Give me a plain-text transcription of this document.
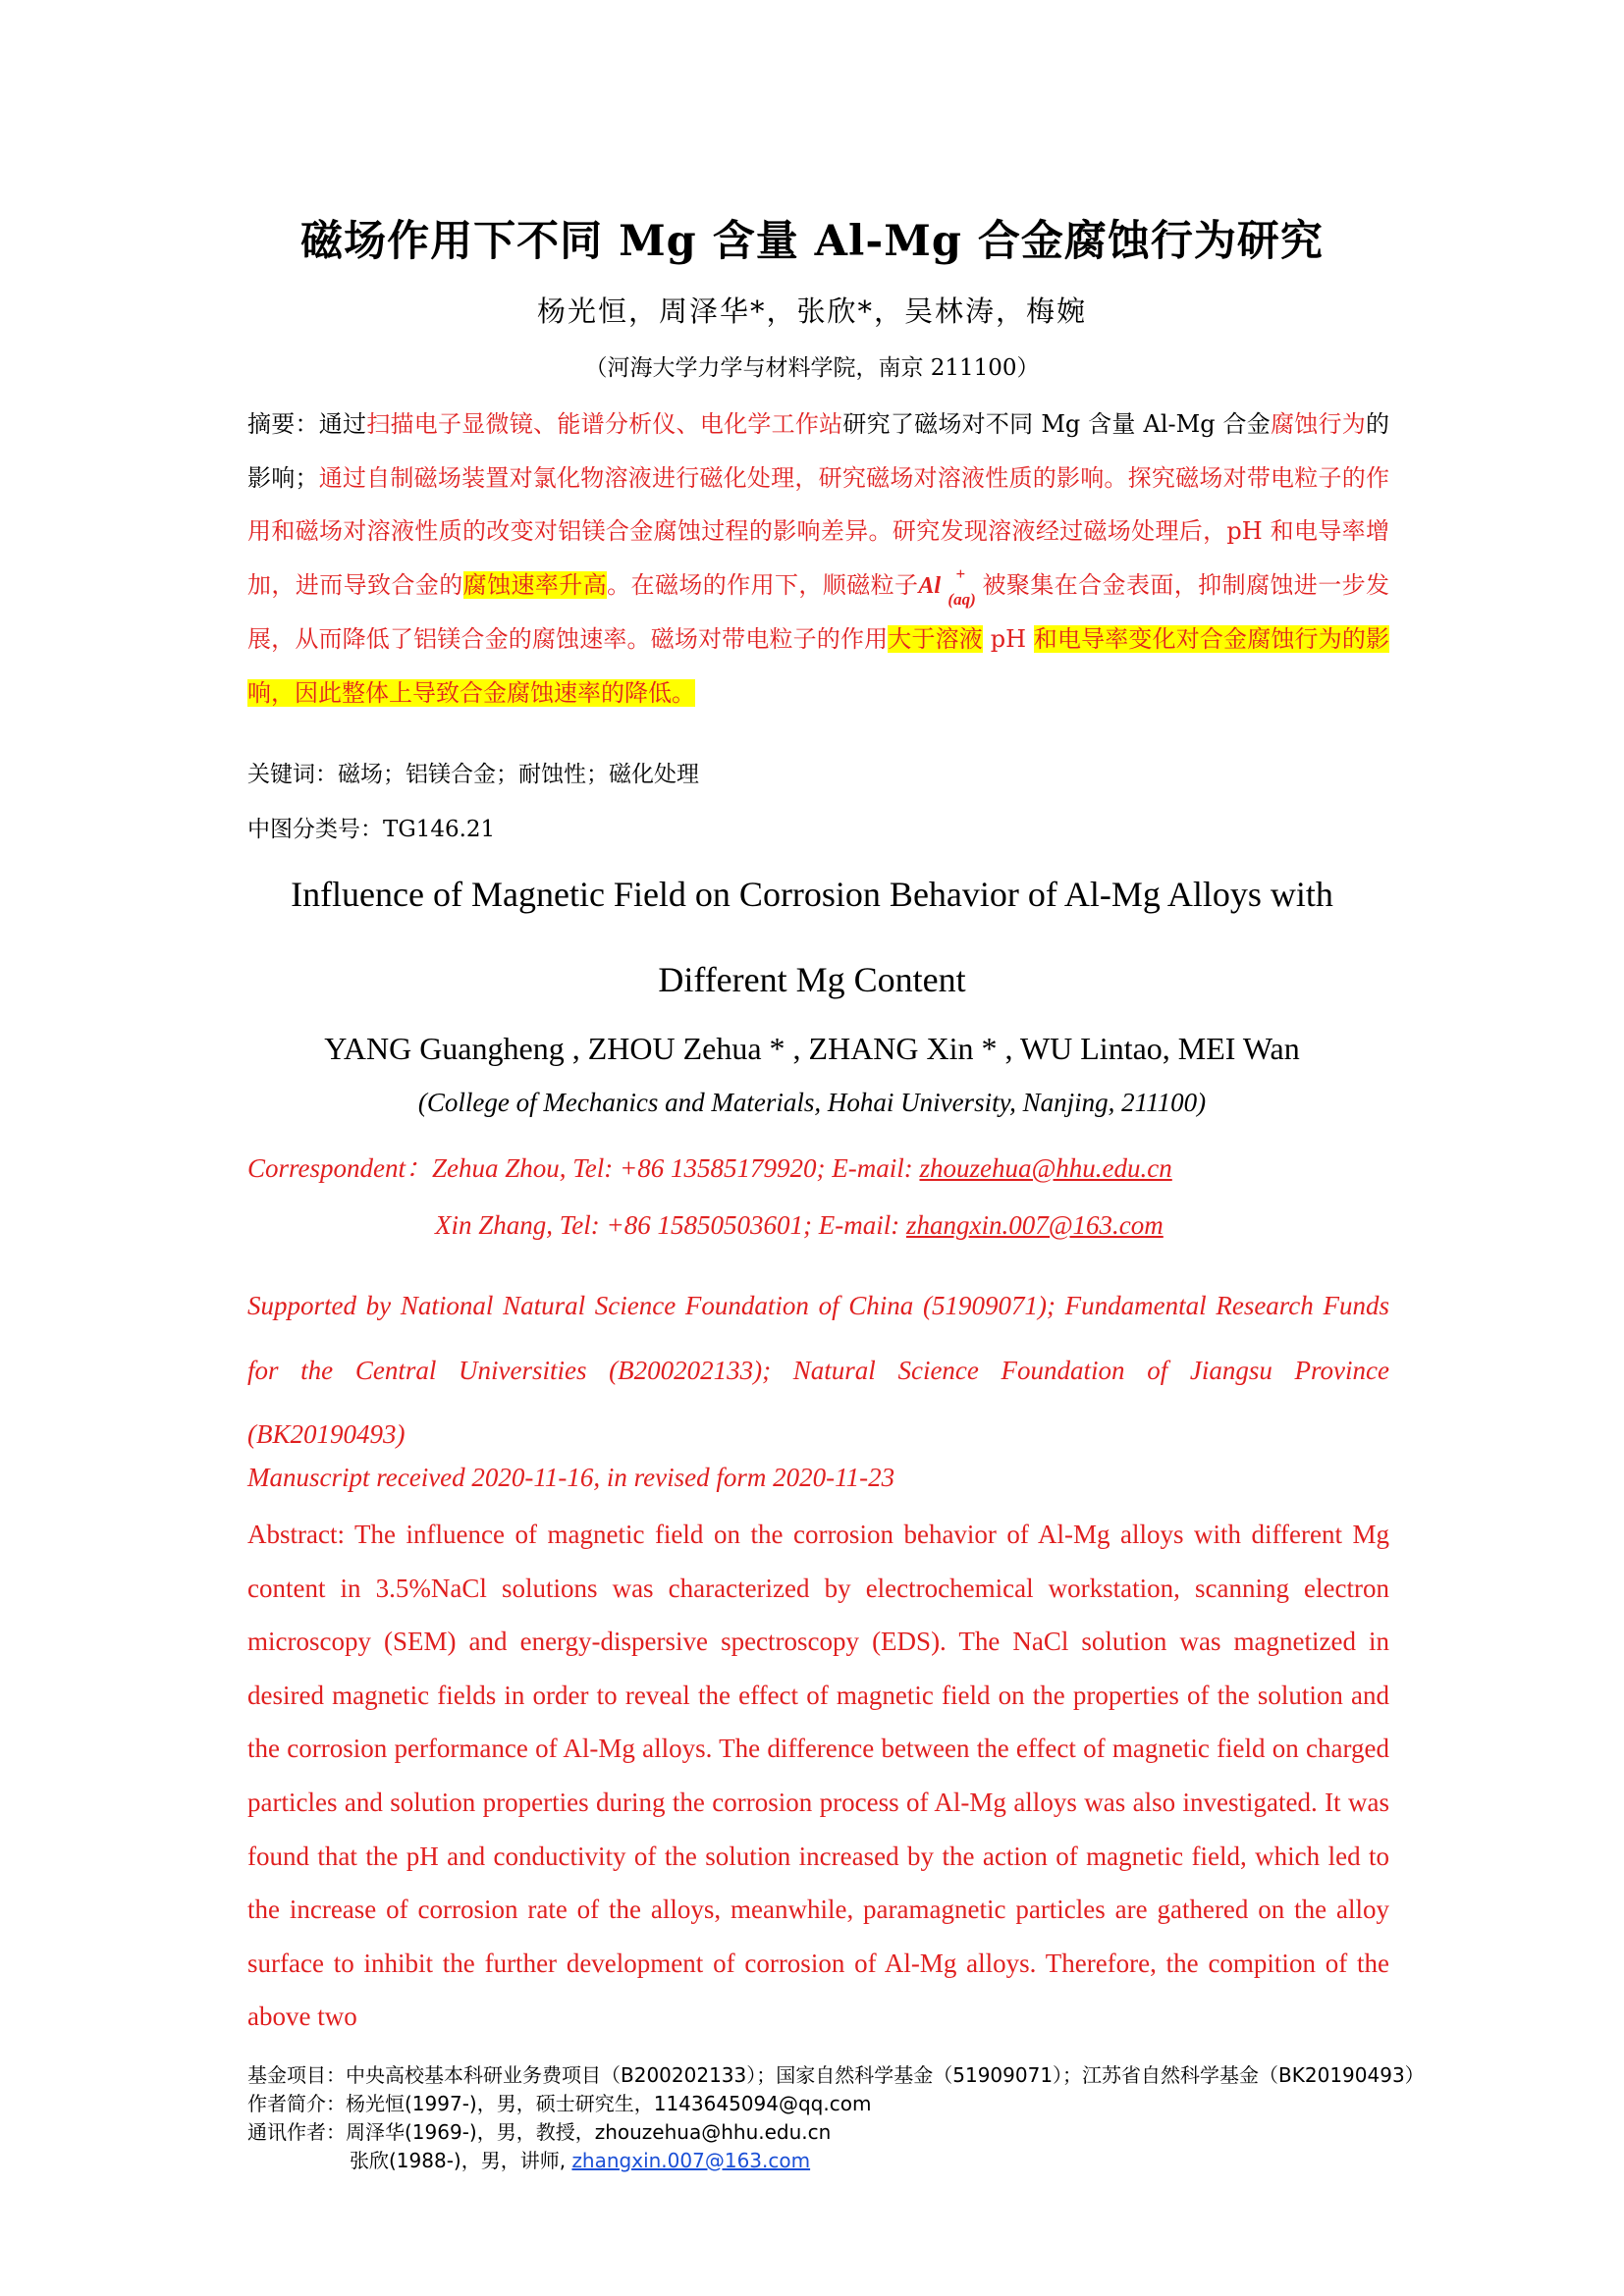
磁场作用下不同 Mg 含量 Al-Mg 合金腐蚀行为研究
杨光恒，周泽华*，张欣*，吴林涛，梅婉
（河海大学力学与材料学院，南京 211100）
摘要：通过扫描电子显微镜、能谱分析仪、电化学工作站研究了磁场对不同 Mg 含量 Al-Mg 合金腐蚀行为的影响；通过自制磁场装置对氯化物溶液进行磁化处理，研究磁场对溶液性质的影响。探究磁场对带电粒子的作用和磁场对溶液性质的改变对铝镁合金腐蚀过程的影响差异。研究发现溶液经过磁场处理后，pH 和电导率增加，进而导致合金的腐蚀速率升高。在磁场的作用下，顺磁粒子Al +
(aq)
被聚集在合金表面，抑制腐蚀进一步发展，从而降低了铝镁合金的腐蚀速率。磁场对带电粒子的作用大于溶液 pH 和电导率变化对合金腐蚀行为的影响，因此整体上导致合金腐蚀速率的降低。
关键词：磁场；铝镁合金；耐蚀性；磁化处理
中图分类号：TG146.21
Influence of Magnetic Field on Corrosion Behavior of Al-Mg Alloys with
Different Mg Content
YANG Guangheng , ZHOU Zehua * , ZHANG Xin * , WU Lintao, MEI Wan
(College of Mechanics and Materials, Hohai University, Nanjing, 211100)
Correspondent：Zehua Zhou, Tel: +86 13585179920; E-mail: zhouzehua@hhu.edu.cn
Xin Zhang, Tel: +86 15850503601; E-mail: zhangxin.007@163.com
Supported by National Natural Science Foundation of China (51909071); Fundamental Research Funds for the Central Universities (B200202133); Natural Science Foundation of Jiangsu Province (BK20190493)
Manuscript received 2020-11-16, in revised form 2020-11-23
Abstract: The influence of magnetic field on the corrosion behavior of Al-Mg alloys with different Mg content in 3.5%NaCl solutions was characterized by electrochemical workstation, scanning electron microscopy (SEM) and energy-dispersive spectroscopy (EDS). The NaCl solution was magnetized in desired magnetic fields in order to reveal the effect of magnetic field on the properties of the solution and the corrosion performance of Al-Mg alloys. The difference between the effect of magnetic field on charged particles and solution properties during the corrosion process of Al-Mg alloys was also investigated. It was found that the pH and conductivity of the solution increased by the action of magnetic field, which led to the increase of corrosion rate of the alloys, meanwhile, paramagnetic particles are gathered on the alloy surface to inhibit the further development of corrosion of Al-Mg alloys. Therefore, the compition of the above two
基金项目：中央高校基本科研业务费项目（B200202133）；国家自然科学基金（51909071）；江苏省自然科学基金（BK20190493）
作者简介：杨光恒(1997-)，男，硕士研究生，1143645094@qq.com
通讯作者：周泽华(1969-)，男，教授，zhouzehua@hhu.edu.cn
张欣(1988-)，男，讲师, zhangxin.007@163.com
